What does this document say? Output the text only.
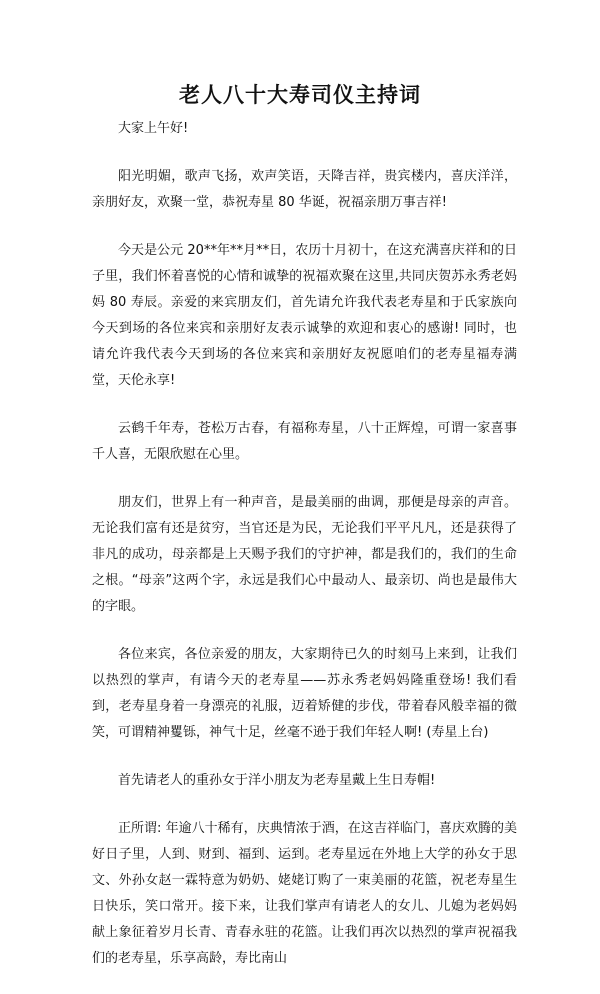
老人八十大寿司仪主持词
大家上午好!

阳光明媚，歌声飞扬，欢声笑语，天降吉祥，贵宾楼内，喜庆洋洋，亲朋好友，欢聚一堂，恭祝寿星 80 华诞，祝福亲朋万事吉祥!

今天是公元 20**年**月**日，农历十月初十，在这充满喜庆祥和的日子里，我们怀着喜悦的心情和诚挚的祝福欢聚在这里,共同庆贺苏永秀老妈妈 80 寿辰。亲爱的来宾朋友们，首先请允许我代表老寿星和于氏家族向今天到场的各位来宾和亲朋好友表示诚挚的欢迎和衷心的感谢! 同时，也请允许我代表今天到场的各位来宾和亲朋好友祝愿咱们的老寿星福寿满堂，天伦永享!

云鹤千年寿，苍松万古春，有福称寿星，八十正辉煌，可谓一家喜事千人喜，无限欣慰在心里。

朋友们，世界上有一种声音，是最美丽的曲调，那便是母亲的声音。无论我们富有还是贫穷，当官还是为民，无论我们平平凡凡，还是获得了非凡的成功，母亲都是上天赐予我们的守护神，都是我们的，我们的生命之根。“母亲”这两个字，永远是我们心中最动人、最亲切、尚也是最伟大的字眼。

各位来宾，各位亲爱的朋友，大家期待已久的时刻马上来到，让我们以热烈的掌声，有请今天的老寿星——苏永秀老妈妈隆重登场! 我们看到，老寿星身着一身漂亮的礼服，迈着矫健的步伐，带着春风般幸福的微笑，可谓精神矍铄，神气十足，丝毫不逊于我们年轻人啊! (寿星上台)

首先请老人的重孙女于洋小朋友为老寿星戴上生日寿帽!

正所谓: 年逾八十稀有，庆典情浓于酒，在这吉祥临门，喜庆欢腾的美好日子里，人到、财到、福到、运到。老寿星远在外地上大学的孙女于思文、外孙女赵一霖特意为奶奶、姥姥订购了一束美丽的花篮，祝老寿星生日快乐，笑口常开。接下来，让我们掌声有请老人的女儿、儿媳为老妈妈献上象征着岁月长青、青春永驻的花篮。让我们再次以热烈的掌声祝福我们的老寿星，乐享高龄，寿比南山
